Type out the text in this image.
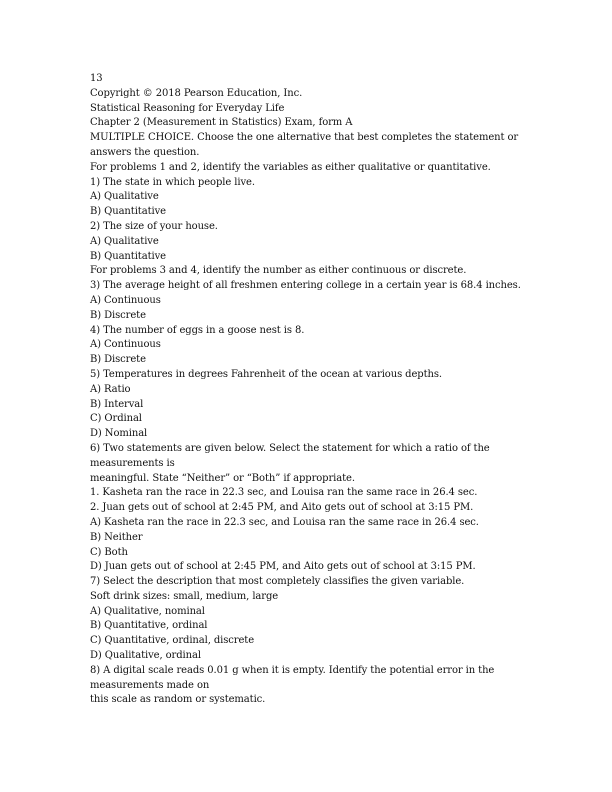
13
Copyright © 2018 Pearson Education, Inc.
Statistical Reasoning for Everyday Life
Chapter 2 (Measurement in Statistics) Exam, form A
MULTIPLE CHOICE. Choose the one alternative that best completes the statement or
answers the question.
For problems 1 and 2, identify the variables as either qualitative or quantitative.
1) The state in which people live.
A) Qualitative
B) Quantitative
2) The size of your house.
A) Qualitative
B) Quantitative
For problems 3 and 4, identify the number as either continuous or discrete.
3) The average height of all freshmen entering college in a certain year is 68.4 inches.
A) Continuous
B) Discrete
4) The number of eggs in a goose nest is 8.
A) Continuous
B) Discrete
5) Temperatures in degrees Fahrenheit of the ocean at various depths.
A) Ratio
B) Interval
C) Ordinal
D) Nominal
6) Two statements are given below. Select the statement for which a ratio of the
measurements is
meaningful. State “Neither” or “Both” if appropriate.
1. Kasheta ran the race in 22.3 sec, and Louisa ran the same race in 26.4 sec.
2. Juan gets out of school at 2:45 PM, and Aito gets out of school at 3:15 PM.
A) Kasheta ran the race in 22.3 sec, and Louisa ran the same race in 26.4 sec.
B) Neither
C) Both
D) Juan gets out of school at 2:45 PM, and Aito gets out of school at 3:15 PM.
7) Select the description that most completely classifies the given variable.
Soft drink sizes: small, medium, large
A) Qualitative, nominal
B) Quantitative, ordinal
C) Quantitative, ordinal, discrete
D) Qualitative, ordinal
8) A digital scale reads 0.01 g when it is empty. Identify the potential error in the
measurements made on
this scale as random or systematic.
